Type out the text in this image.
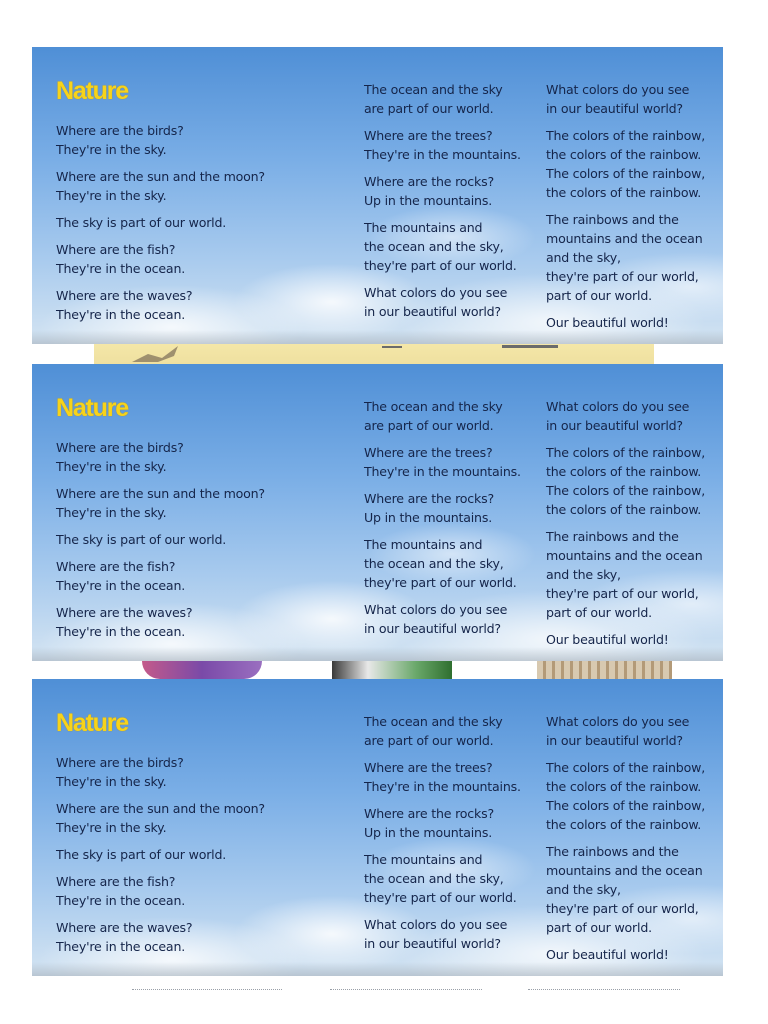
Nature

Where are the birds?
They're in the sky.

Where are the sun and the moon?
They're in the sky.

The sky is part of our world.

Where are the fish?
They're in the ocean.

Where are the waves?
They're in the ocean.

The ocean and the sky
are part of our world.

Where are the trees?
They're in the mountains.

Where are the rocks?
Up in the mountains.

The mountains and
the ocean and the sky,
they're part of our world.

What colors do you see
in our beautiful world?

What colors do you see
in our beautiful world?

The colors of the rainbow,
the colors of the rainbow.
The colors of the rainbow,
the colors of the rainbow.

The rainbows and the
mountains and the ocean
and the sky,
they're part of our world,
part of our world.

Our beautiful world!

Nature

Where are the birds?
They're in the sky.

Where are the sun and the moon?
They're in the sky.

The sky is part of our world.

Where are the fish?
They're in the ocean.

Where are the waves?
They're in the ocean.

The ocean and the sky
are part of our world.

Where are the trees?
They're in the mountains.

Where are the rocks?
Up in the mountains.

The mountains and
the ocean and the sky,
they're part of our world.

What colors do you see
in our beautiful world?

What colors do you see
in our beautiful world?

The colors of the rainbow,
the colors of the rainbow.
The colors of the rainbow,
the colors of the rainbow.

The rainbows and the
mountains and the ocean
and the sky,
they're part of our world,
part of our world.

Our beautiful world!

Nature

Where are the birds?
They're in the sky.

Where are the sun and the moon?
They're in the sky.

The sky is part of our world.

Where are the fish?
They're in the ocean.

Where are the waves?
They're in the ocean.

The ocean and the sky
are part of our world.

Where are the trees?
They're in the mountains.

Where are the rocks?
Up in the mountains.

The mountains and
the ocean and the sky,
they're part of our world.

What colors do you see
in our beautiful world?

What colors do you see
in our beautiful world?

The colors of the rainbow,
the colors of the rainbow.
The colors of the rainbow,
the colors of the rainbow.

The rainbows and the
mountains and the ocean
and the sky,
they're part of our world,
part of our world.

Our beautiful world!
